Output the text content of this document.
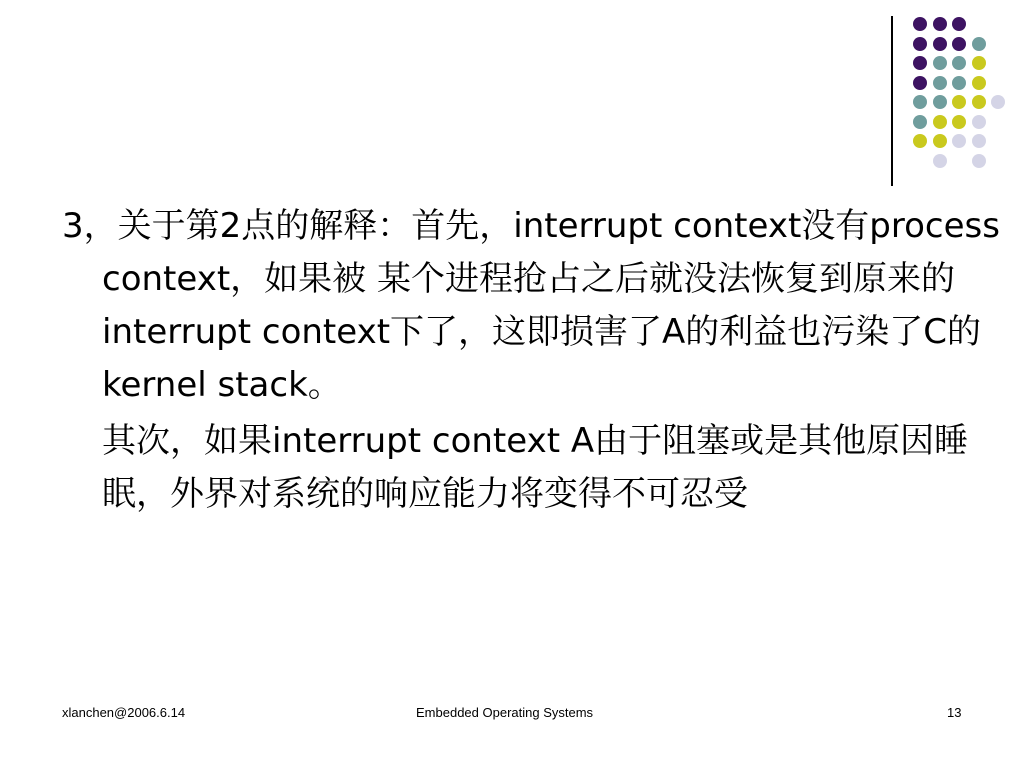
3，关于第2点的解释：首先，interrupt context没有process context，如果被 某个进程抢占之后就没法恢复到原来的interrupt context下了，这即损害了A的利益也污染了C的kernel stack。

其次，如果interrupt context A由于阻塞或是其他原因睡眠，外界对系统的响应能力将变得不可忍受

xlanchen@2006.6.14	Embedded Operating Systems	13
